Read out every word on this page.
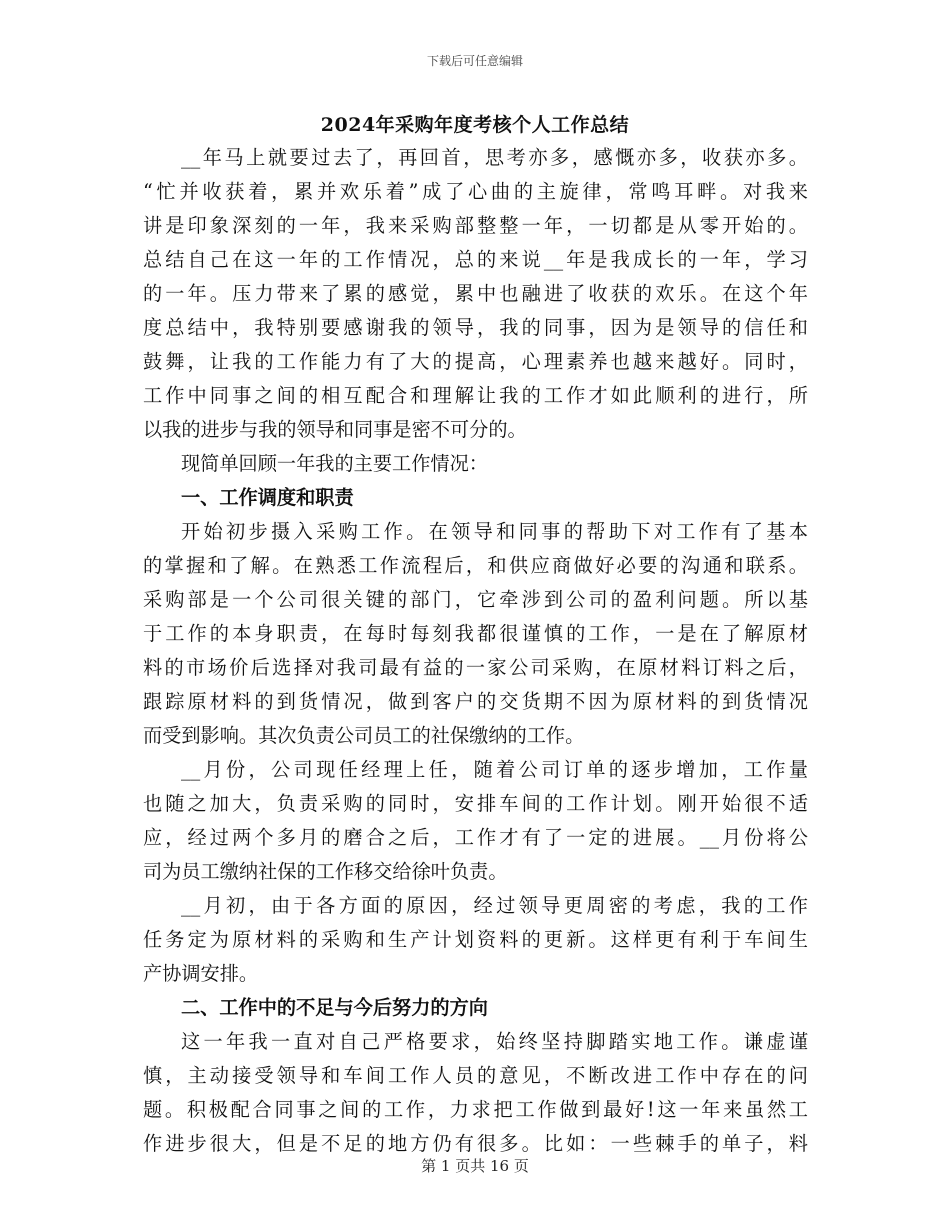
下载后可任意编辑
2024年采购年度考核个人工作总结
__年马上就要过去了，再回首，思考亦多，感慨亦多，收获亦多。
“忙并收获着，累并欢乐着”成了心曲的主旋律，常鸣耳畔。对我来
讲是印象深刻的一年，我来采购部整整一年，一切都是从零开始的。
总结自己在这一年的工作情况，总的来说__年是我成长的一年，学习
的一年。压力带来了累的感觉，累中也融进了收获的欢乐。在这个年
度总结中，我特别要感谢我的领导，我的同事，因为是领导的信任和
鼓舞，让我的工作能力有了大的提高，心理素养也越来越好。同时，
工作中同事之间的相互配合和理解让我的工作才如此顺利的进行，所
以我的进步与我的领导和同事是密不可分的。
现简单回顾一年我的主要工作情况：
一、工作调度和职责
开始初步摄入采购工作。在领导和同事的帮助下对工作有了基本
的掌握和了解。在熟悉工作流程后，和供应商做好必要的沟通和联系。
采购部是一个公司很关键的部门，它牵涉到公司的盈利问题。所以基
于工作的本身职责，在每时每刻我都很谨慎的工作，一是在了解原材
料的市场价后选择对我司最有益的一家公司采购，在原材料订料之后，
跟踪原材料的到货情况，做到客户的交货期不因为原材料的到货情况
而受到影响。其次负责公司员工的社保缴纳的工作。
__月份，公司现任经理上任，随着公司订单的逐步增加，工作量
也随之加大，负责采购的同时，安排车间的工作计划。刚开始很不适
应，经过两个多月的磨合之后，工作才有了一定的进展。__月份将公
司为员工缴纳社保的工作移交给徐叶负责。
__月初，由于各方面的原因，经过领导更周密的考虑，我的工作
任务定为原材料的采购和生产计划资料的更新。这样更有利于车间生
产协调安排。
二、工作中的不足与今后努力的方向
这一年我一直对自己严格要求，始终坚持脚踏实地工作。谦虚谨
慎，主动接受领导和车间工作人员的意见，不断改进工作中存在的问
题。积极配合同事之间的工作，力求把工作做到最好!这一年来虽然工
作进步很大，但是不足的地方仍有很多。比如：一些棘手的单子，料
第 1 页共 16 页
